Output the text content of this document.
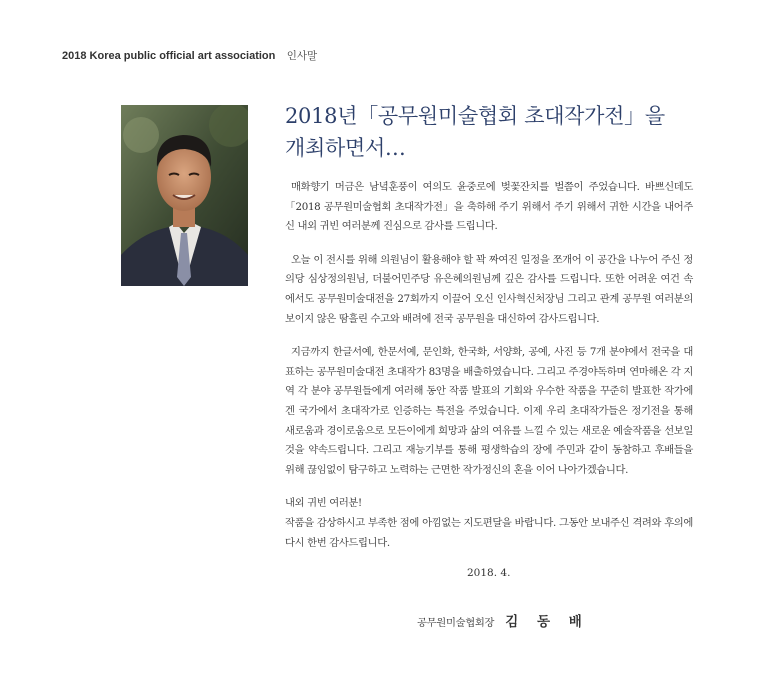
2018 Korea public official art association 인사말
2018년「공무원미술협회 초대작가전」을 개최하면서…

매화향기 머금은 남녘훈풍이 여의도 윤중로에 벚꽃잔치를 벌쯤이 주었습니다. 바쁘신데도「2018 공무원미술협회 초대작가전」을 축하해 주기 위해서 주기 위해서 귀한 시간을 내어주신 내외 귀빈 여러분께 진심으로 감사를 드립니다.

오늘 이 전시를 위해 의원님이 활용해야 할 꽉 짜여진 일정을 쪼개어 이 공간을 나누어 주신 정의당 심상정의원님, 더불어민주당 유은혜의원님께 깊은 감사를 드립니다. 또한 어려운 여건 속에서도 공무원미술대전을 27회까지 이끌어 오신 인사혁신처장님 그리고 관계 공무원 여러분의 보이지 않은 땀흘린 수고와 배려에 전국 공무원을 대신하여 감사드립니다.

지금까지 한글서예, 한문서예, 문인화, 한국화, 서양화, 공예, 사진 등 7개 분야에서 전국을 대표하는 공무원미술대전 초대작가 83명을 배출하였습니다. 그리고 주경야독하며 연마해온 각 지역 각 분야 공무원들에게 여러해 동안 작품 발표의 기회와 우수한 작품을 꾸준히 발표한 작가에겐 국가에서 초대작가로 인증하는 특전을 주었습니다. 이제 우리 초대작가들은 정기전을 통해 새로움과 경이로움으로 모든이에게 희망과 삶의 여유를 느낄 수 있는 새로운 예술작품을 선보일 것을 약속드립니다. 그리고 재능기부를 통해 평생학습의 장에 주민과 같이 동참하고 후배들을 위해 끊임없이 탐구하고 노력하는 근면한 작가정신의 혼을 이어 나아가겠습니다.

내외 귀빈 여러분!

작품을 감상하시고 부족한 점에 아낌없는 지도편달을 바랍니다. 그동안 보내주신 격려와 후의에 다시 한번 감사드립니다.

2018. 4.
공무원미술협회장 김 동 배
